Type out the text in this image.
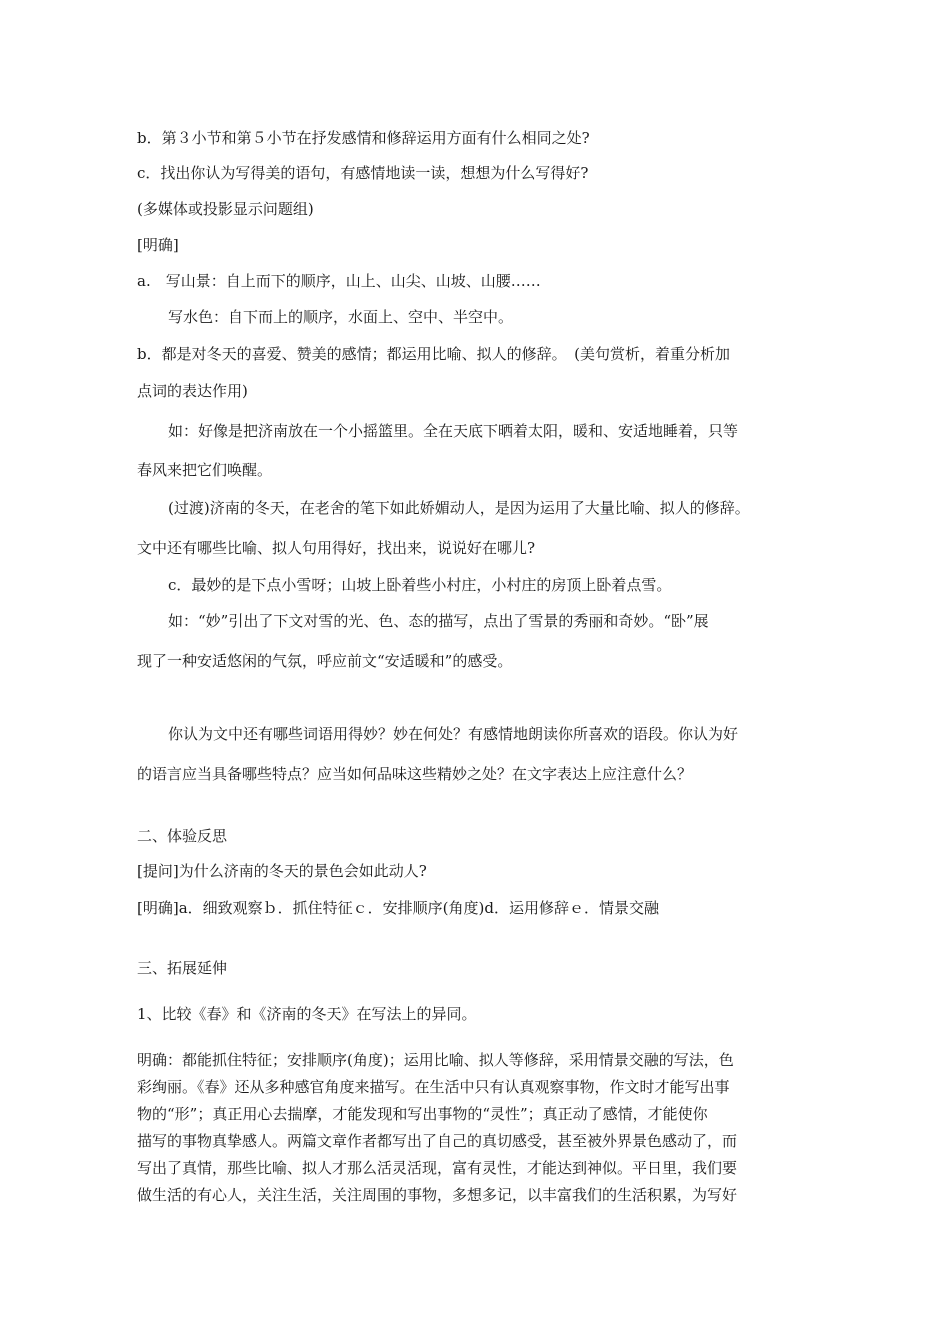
b．第３小节和第５小节在抒发感情和修辞运用方面有什么相同之处?
c．找出你认为写得美的语句，有感情地读一读，想想为什么写得好?
(多媒体或投影显示问题组)
[明确]
a.　写山景：自上而下的顺序，山上、山尖、山坡、山腰……
写水色：自下而上的顺序，水面上、空中、半空中。
b．都是对冬天的喜爱、赞美的感情；都运用比喻、拟人的修辞。　(美句赏析，着重分析加
点词的表达作用)
如：好像是把济南放在一个小摇篮里。全在天底下晒着太阳，暖和、安适地睡着，只等
春风来把它们唤醒。
(过渡)济南的冬天，在老舍的笔下如此娇媚动人，是因为运用了大量比喻、拟人的修辞。
文中还有哪些比喻、拟人句用得好，找出来，说说好在哪儿?
c．最妙的是下点小雪呀；山坡上卧着些小村庄，小村庄的房顶上卧着点雪。
如：“妙”引出了下文对雪的光、色、态的描写，点出了雪景的秀丽和奇妙。“卧”展
现了一种安适悠闲的气氛，呼应前文“安适暖和”的感受。
你认为文中还有哪些词语用得妙？妙在何处？有感情地朗读你所喜欢的语段。你认为好
的语言应当具备哪些特点？应当如何品味这些精妙之处？在文字表达上应注意什么？
二、体验反思
[提问]为什么济南的冬天的景色会如此动人?
[明确]a．细致观察ｂ．抓住特征ｃ．安排顺序(角度)d．运用修辞ｅ．情景交融
三、拓展延伸
1、比较《春》和《济南的冬天》在写法上的异同。
明确：都能抓住特征；安排顺序(角度)；运用比喻、拟人等修辞，采用情景交融的写法，色
彩绚丽。《春》还从多种感官角度来描写。在生活中只有认真观察事物，作文时才能写出事
物的“形”；真正用心去揣摩，才能发现和写出事物的“灵性”；真正动了感情，才能使你
描写的事物真挚感人。两篇文章作者都写出了自己的真切感受，甚至被外界景色感动了，而
写出了真情，那些比喻、拟人才那么活灵活现，富有灵性，才能达到神似。平日里，我们要
做生活的有心人，关注生活，关注周围的事物，多想多记，以丰富我们的生活积累，为写好
